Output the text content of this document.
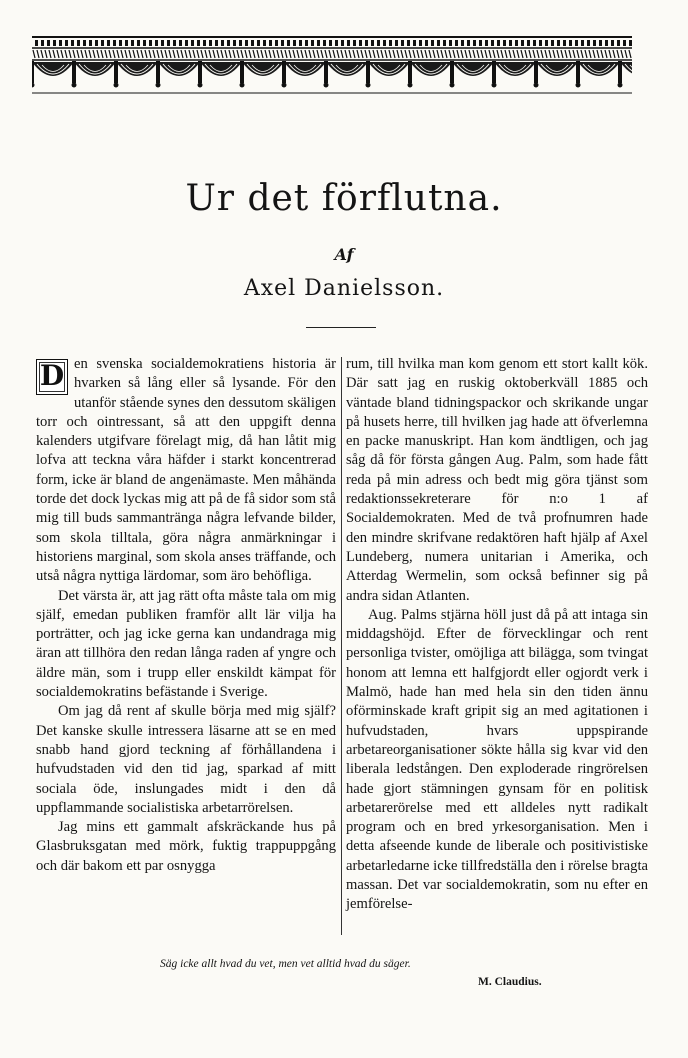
Ur det förflutna.
Af
Axel Danielsson.

D en svenska socialdemokratiens historia är hvarken så lång eller så lysande. För den utanför stående synes den dessutom skäligen torr och ointressant, så att den uppgift denna kalenders utgifvare förelagt mig, då han låtit mig lofva att teckna våra häfder i starkt koncentrerad form, icke är bland de angenämaste. Men måhända torde det dock lyckas mig att på de få sidor som stå mig till buds sammantränga några lefvande bilder, som skola tilltala, göra några anmärkningar i historiens marginal, som skola anses träffande, och utså några nyttiga lärdomar, som äro behöfliga.

Det värsta är, att jag rätt ofta måste tala om mig själf, emedan publiken framför allt lär vilja ha porträtter, och jag icke gerna kan undandraga mig äran att tillhöra den redan långa raden af yngre och äldre män, som i trupp eller enskildt kämpat för socialdemokratins befästande i Sverige.

Om jag då rent af skulle börja med mig själf? Det kanske skulle intressera läsarne att se en med snabb hand gjord teckning af förhållandena i hufvudstaden vid den tid jag, sparkad af mitt sociala öde, inslungades midt i den då uppflammande socialistiska arbetarrörelsen.

Jag mins ett gammalt afskräckande hus på Glasbruksgatan med mörk, fuktig trappuppgång och där bakom ett par osnygga

rum, till hvilka man kom genom ett stort kallt kök. Där satt jag en ruskig oktoberkväll 1885 och väntade bland tidningspackor och skrikande ungar på husets herre, till hvilken jag hade att öfverlemna en packe manuskript. Han kom ändtligen, och jag såg då för första gången Aug. Palm, som hade fått reda på min adress och bedt mig göra tjänst som redaktionssekreterare för n:o 1 af Socialdemokraten. Med de två profnumren hade den mindre skrifvane redaktören haft hjälp af Axel Lundeberg, numera unitarian i Amerika, och Atterdag Wermelin, som också befinner sig på andra sidan Atlanten.

Aug. Palms stjärna höll just då på att intaga sin middagshöjd. Efter de förvecklingar och rent personliga tvister, omöjliga att bilägga, som tvingat honom att lemna ett halfgjordt eller ogjordt verk i Malmö, hade han med hela sin den tiden ännu oförminskade kraft gripit sig an med agitationen i hufvudstaden, hvars uppspirande arbetareorganisationer sökte hålla sig kvar vid den liberala ledstången. Den exploderade ringrörelsen hade gjort stämningen gynsam för en politisk arbetarerörelse med ett alldeles nytt radikalt program och en bred yrkesorganisation. Men i detta afseende kunde de liberale och positivistiske arbetarledarne icke tillfredställa den i rörelse bragta massan. Det var socialdemokratin, som nu efter en jemförelse-

Säg icke allt hvad du vet, men vet alltid hvad du säger.
M. Claudius.
